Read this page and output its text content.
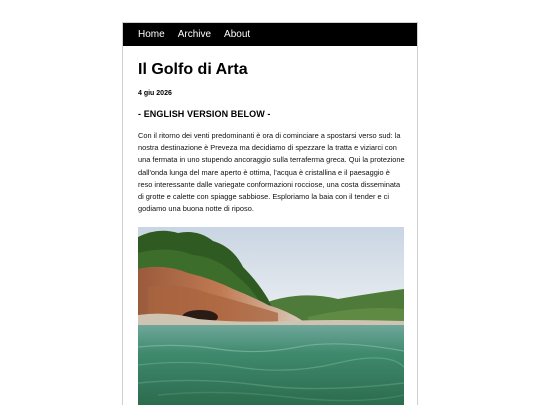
Home Archive About
Il Golfo di Arta
4 giu 2026
- ENGLISH VERSION BELOW -

Con il ritorno dei venti predominanti è ora di cominciare a spostarsi verso sud: la nostra destinazione è Preveza ma decidiamo di spezzare la tratta e viziarci con una fermata in uno stupendo ancoraggio sulla terraferma greca. Qui la protezione dall'onda lunga del mare aperto è ottima, l'acqua è cristallina e il paesaggio è reso interessante dalle variegate conformazioni rocciose, una costa disseminata di grotte e calette con spiagge sabbiose. Esploriamo la baia con il tender e ci godiamo una buona notte di riposo.
